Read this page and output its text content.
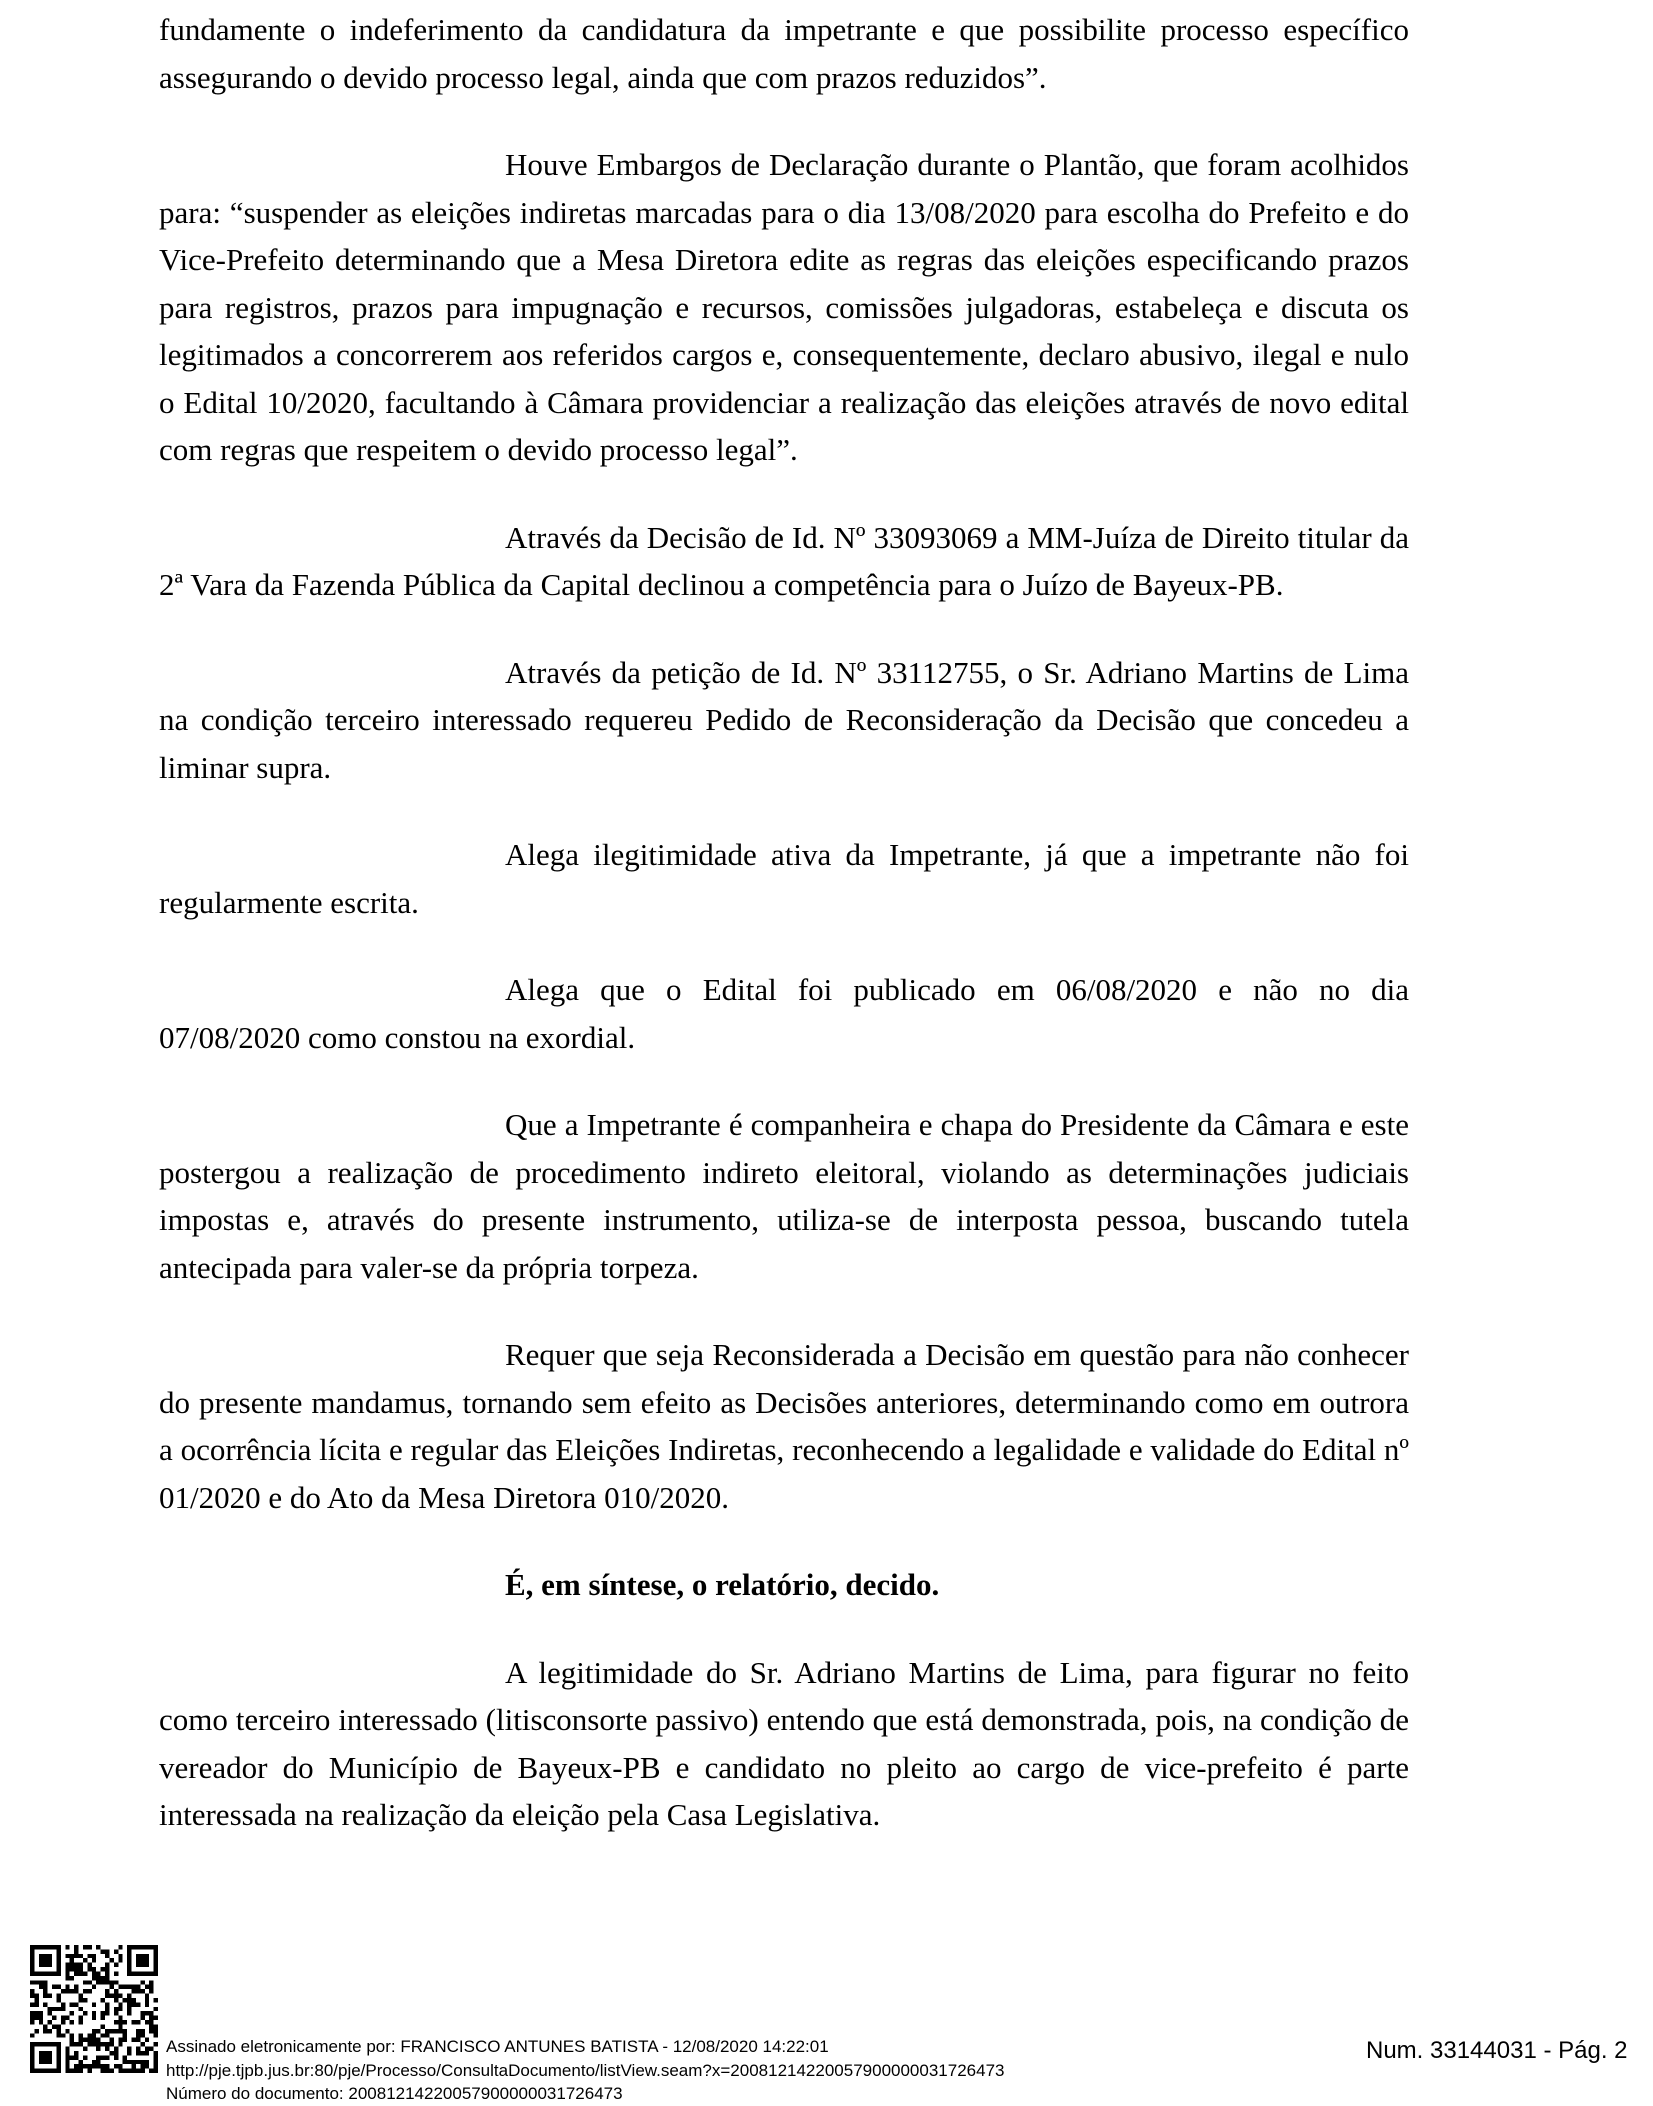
fundamente o indeferimento da candidatura da impetrante e que possibilite processo específico assegurando o devido processo legal, ainda que com prazos reduzidos”.

Houve Embargos de Declaração durante o Plantão, que foram acolhidos para: “suspender as eleições indiretas marcadas para o dia 13/08/2020 para escolha do Prefeito e do Vice-Prefeito determinando que a Mesa Diretora edite as regras das eleições especificando prazos para registros, prazos para impugnação e recursos, comissões julgadoras, estabeleça e discuta os legitimados a concorrerem aos referidos cargos e, consequentemente, declaro abusivo, ilegal e nulo o Edital 10/2020, facultando à Câmara providenciar a realização das eleições através de novo edital com regras que respeitem o devido processo legal”.

Através da Decisão de Id. Nº 33093069 a MM-Juíza de Direito titular da 2ª Vara da Fazenda Pública da Capital declinou a competência para o Juízo de Bayeux-PB.

Através da petição de Id. Nº 33112755, o Sr. Adriano Martins de Lima na condição terceiro interessado requereu Pedido de Reconsideração da Decisão que concedeu a liminar supra.

Alega ilegitimidade ativa da Impetrante, já que a impetrante não foi regularmente escrita.

Alega que o Edital foi publicado em 06/08/2020 e não no dia 07/08/2020 como constou na exordial.

Que a Impetrante é companheira e chapa do Presidente da Câmara e este postergou a realização de procedimento indireto eleitoral, violando as determinações judiciais impostas e, através do presente instrumento, utiliza-se de interposta pessoa, buscando tutela antecipada para valer-se da própria torpeza.

Requer que seja Reconsiderada a Decisão em questão para não conhecer do presente mandamus, tornando sem efeito as Decisões anteriores, determinando como em outrora a ocorrência lícita e regular das Eleições Indiretas, reconhecendo a legalidade e validade do Edital nº 01/2020 e do Ato da Mesa Diretora 010/2020.

É, em síntese, o relatório, decido.

A legitimidade do Sr. Adriano Martins de Lima, para figurar no feito como terceiro interessado (litisconsorte passivo) entendo que está demonstrada, pois, na condição de vereador do Município de Bayeux-PB e candidato no pleito ao cargo de vice-prefeito é parte interessada na realização da eleição pela Casa Legislativa.

Assinado eletronicamente por: FRANCISCO ANTUNES BATISTA - 12/08/2020 14:22:01
http://pje.tjpb.jus.br:80/pje/Processo/ConsultaDocumento/listView.seam?x=20081214220057900000031726473
Número do documento: 20081214220057900000031726473
Num. 33144031 - Pág. 2
